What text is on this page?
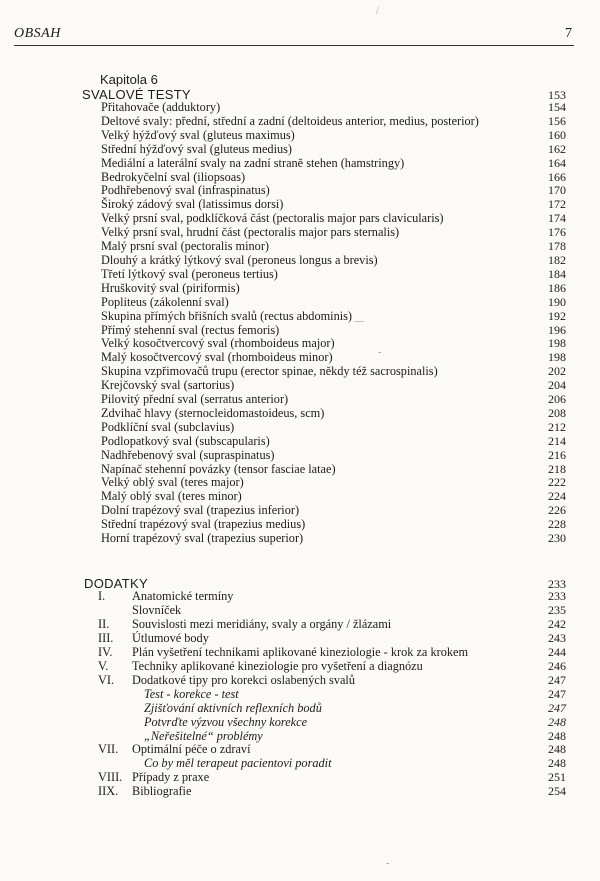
OBSAH	7
Kapitola 6
SVALOVÉ TESTY	153
Přitahovače (adduktory)	154
Deltové svaly: přední, střední a zadní (deltoideus anterior, medius, posterior)	156
Velký hýžďový sval (gluteus maximus)	160
Střední hýžďový sval (gluteus medius)	162
Mediální a laterální svaly na zadní straně stehen (hamstringy)	164
Bedrokyčelní sval (iliopsoas)	166
Podhřebenový sval (infraspinatus)	170
Široký zádový sval (latissimus dorsi)	172
Velký prsní sval, podklíčková část (pectoralis major pars clavicularis)	174
Velký prsní sval, hrudní část (pectoralis major pars sternalis)	176
Malý prsní sval (pectoralis minor)	178
Dlouhý a krátký lýtkový sval (peroneus longus a brevis)	182
Třetí lýtkový sval (peroneus tertius)	184
Hruškovitý sval (piriformis)	186
Popliteus (zákolenní sval)	190
Skupina přímých břišních svalů (rectus abdominis)	192
Přímý stehenní sval (rectus femoris)	196
Velký kosočtvercový sval (rhomboideus major)	198
Malý kosočtvercový sval (rhomboideus minor)	198
Skupina vzpřimovačů trupu (erector spinae, někdy též sacrospinalis)	202
Krejčovský sval (sartorius)	204
Pilovitý přední sval (serratus anterior)	206
Zdvihač hlavy (sternocleidomastoideus, scm)	208
Podklíční sval (subclavius)	212
Podlopatkový sval (subscapularis)	214
Nadhřebenový sval (supraspinatus)	216
Napínač stehenní povázky (tensor fasciae latae)	218
Velký oblý sval (teres major)	222
Malý oblý sval (teres minor)	224
Dolní trapézový sval (trapezius inferior)	226
Střední trapézový sval (trapezius medius)	228
Horní trapézový sval (trapezius superior)	230
DODATKY	233
I.	Anatomické termíny	233
Slovníček	235
II.	Souvislosti mezi meridiány, svaly a orgány / žlázami	242
III.	Útlumové body	243
IV.	Plán vyšetření technikami aplikované kineziologie - krok za krokem	244
V.	Techniky aplikované kineziologie pro vyšetření a diagnózu	246
VI.	Dodatkové tipy pro korekci oslabených svalů	247
Test - korekce - test	247
Zjišťování aktivních reflexních bodů	247
Potvrďte výzvou všechny korekce	248
„Neřešitelné“ problémy	248
VII.	Optimální péče o zdraví	248
Co by měl terapeut pacientovi poradit	248
VIII. Případy z praxe	251
IIX.	Bibliografie	254
/
—
-
-
